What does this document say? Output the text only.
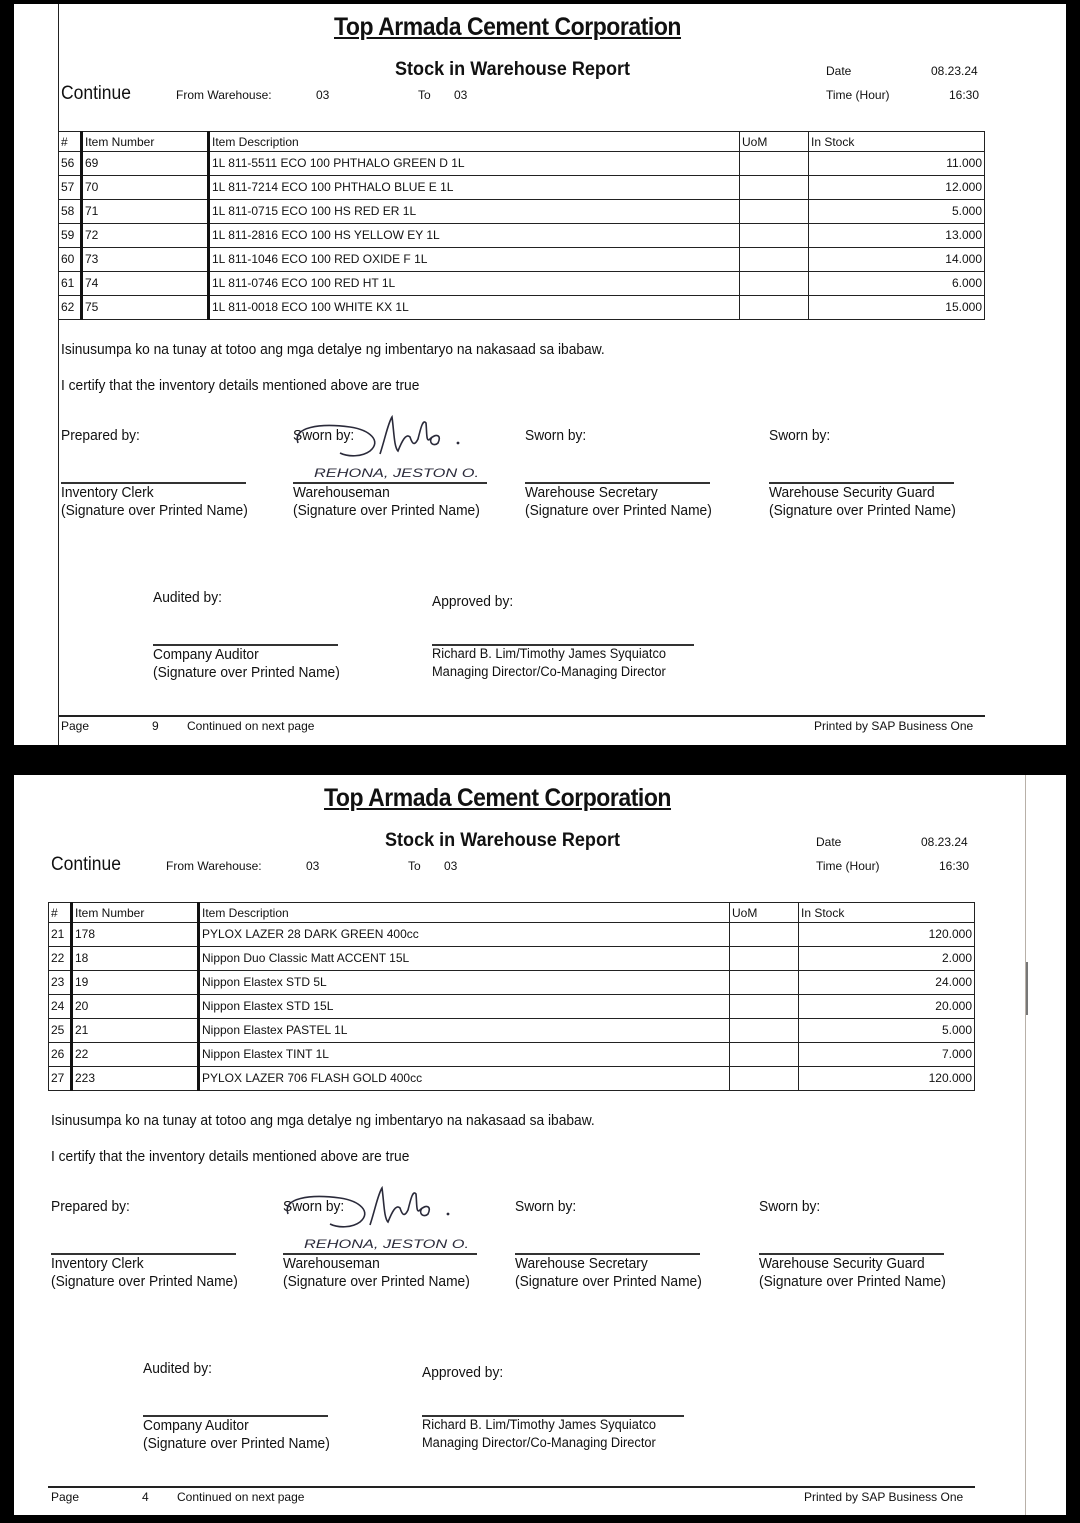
Top Armada Cement Corporation
Stock in Warehouse Report
Continue	From Warehouse:	03	To 03
Date	08.23.24
Time (Hour)	16:30
#	Item Number	Item Description	UoM	In Stock
56	69	1L 811-5511 ECO 100 PHTHALO GREEN D 1L		11.000
57	70	1L 811-7214 ECO 100 PHTHALO BLUE E 1L		12.000
58	71	1L 811-0715 ECO 100 HS RED ER 1L		5.000
59	72	1L 811-2816 ECO 100 HS YELLOW EY 1L		13.000
60	73	1L 811-1046 ECO 100 RED OXIDE F 1L		14.000
61	74	1L 811-0746 ECO 100 RED HT 1L		6.000
62	75	1L 811-0018 ECO 100 WHITE KX 1L		15.000
Isinusumpa ko na tunay at totoo ang mga detalye ng imbentaryo na nakasaad sa ibabaw.
I certify that the inventory details mentioned above are true
Prepared by:
Inventory Clerk
(Signature over Printed Name)
Sworn by:
Warehouseman
(Signature over Printed Name)
REHONA, JESTON O.
Sworn by:
Warehouse Secretary
(Signature over Printed Name)
Sworn by:
Warehouse Security Guard
(Signature over Printed Name)
Audited by:
Company Auditor
(Signature over Printed Name)
Approved by:
Richard B. Lim/Timothy James Syquiatco
Managing Director/Co-Managing Director
Page	9 Continued on next page	Printed by SAP Business One
Top Armada Cement Corporation
Stock in Warehouse Report
Continue	From Warehouse:	03	To 03
Date	08.23.24
Time (Hour)	16:30
#	Item Number	Item Description	UoM	In Stock
21	178	PYLOX LAZER 28 DARK GREEN 400cc		120.000
22	18	Nippon Duo Classic Matt ACCENT 15L		2.000
23	19	Nippon Elastex STD 5L		24.000
24	20	Nippon Elastex STD 15L		20.000
25	21	Nippon Elastex PASTEL 1L		5.000
26	22	Nippon Elastex TINT 1L		7.000
27	223	PYLOX LAZER 706 FLASH GOLD 400cc		120.000
Isinusumpa ko na tunay at totoo ang mga detalye ng imbentaryo na nakasaad sa ibabaw.
I certify that the inventory details mentioned above are true
Prepared by:
Inventory Clerk
(Signature over Printed Name)
Sworn by:
Warehouseman
(Signature over Printed Name)
REHONA, JESTON O.
Sworn by:
Warehouse Secretary
(Signature over Printed Name)
Sworn by:
Warehouse Security Guard
(Signature over Printed Name)
Audited by:
Company Auditor
(Signature over Printed Name)
Approved by:
Richard B. Lim/Timothy James Syquiatco
Managing Director/Co-Managing Director
Page	4 Continued on next page	Printed by SAP Business One
